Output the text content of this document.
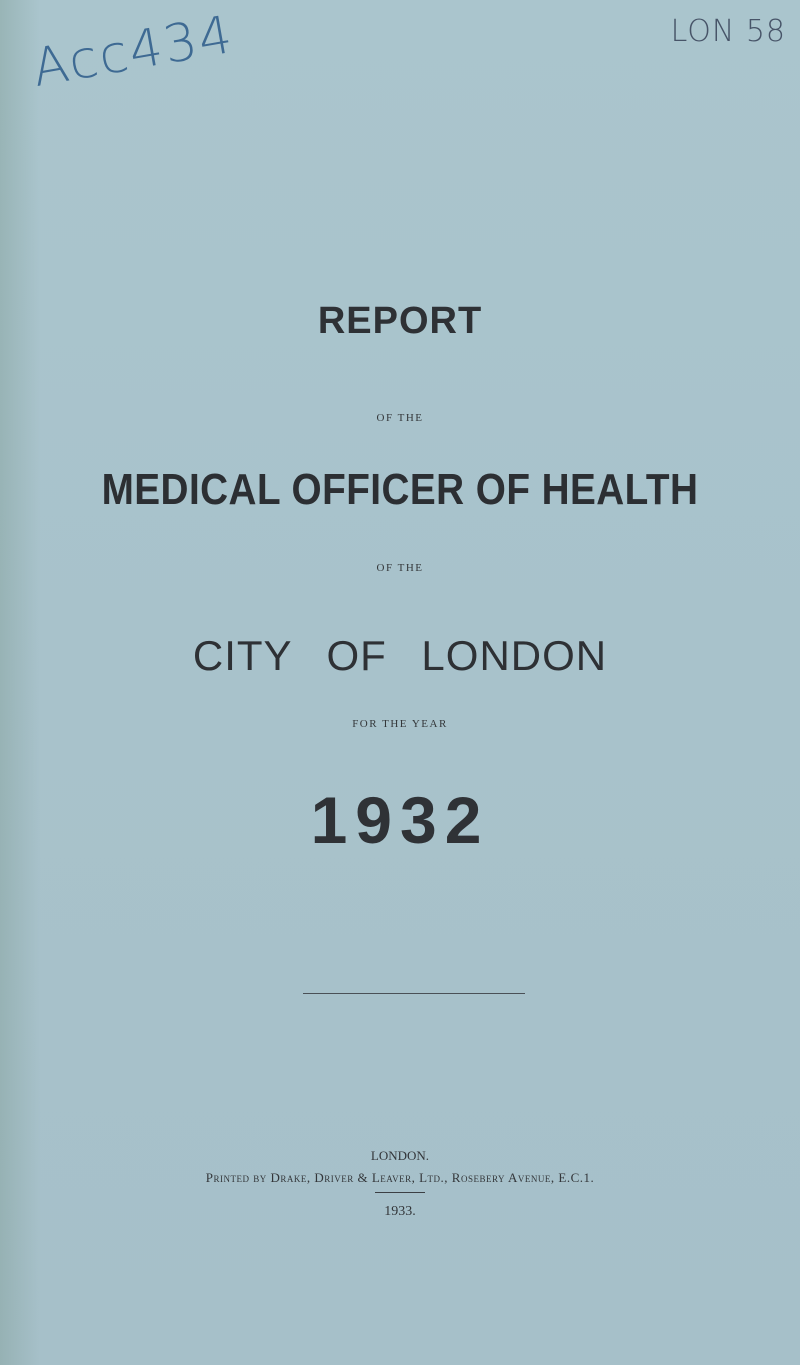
Acc434	LON 58
REPORT
OF THE
MEDICAL OFFICER OF HEALTH
OF THE
CITY OF LONDON
FOR THE YEAR
1932
LONDON.
Printed by Drake, Driver & Leaver, Ltd., Rosebery Avenue, E.C.1.
1933.
